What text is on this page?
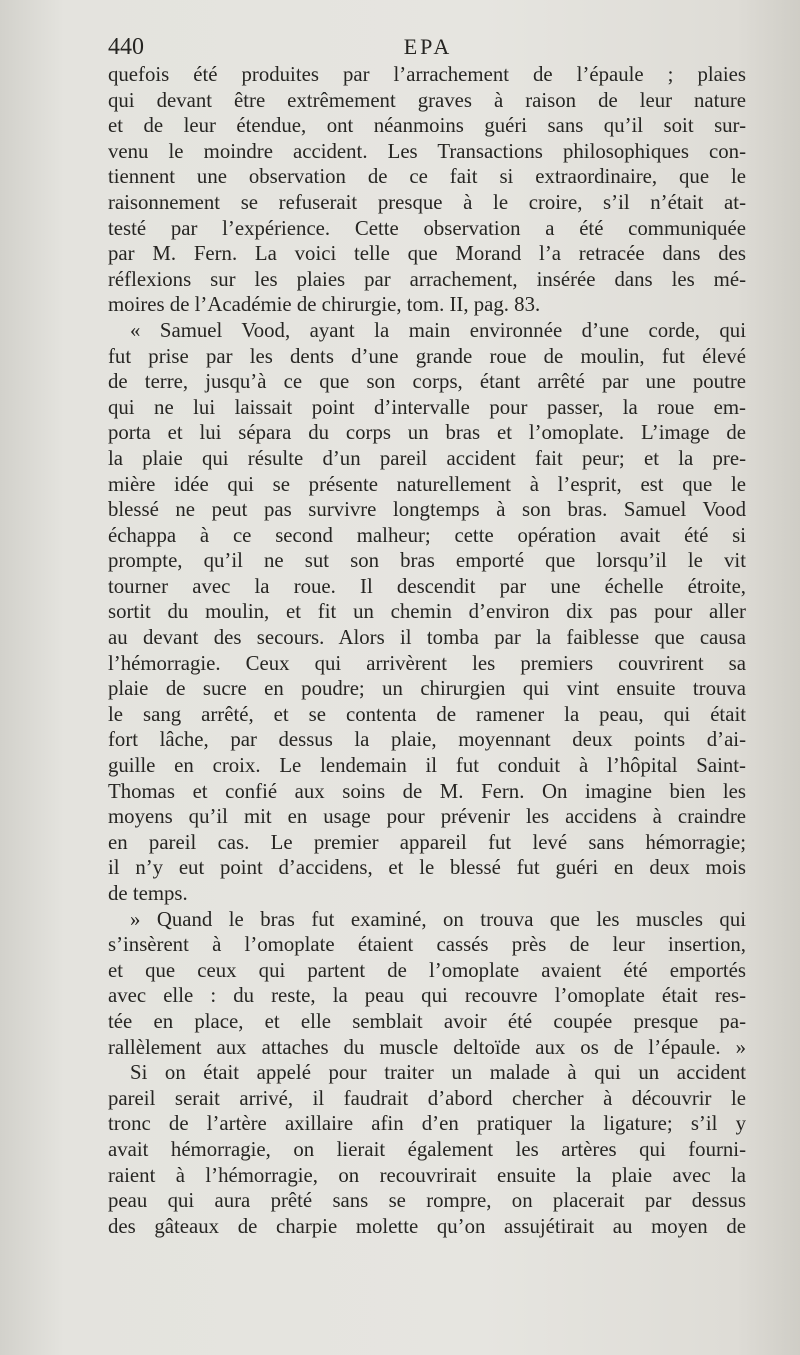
440	EPA
quefois été produites par l’arrachement de l’épaule ; plaies
qui devant être extrêmement graves à raison de leur nature
et de leur étendue, ont néanmoins guéri sans qu’il soit sur-
venu le moindre accident. Les Transactions philosophiques con-
tiennent une observation de ce fait si extraordinaire, que le
raisonnement se refuserait presque à le croire, s’il n’était at-
testé par l’expérience. Cette observation a été communiquée
par M. Fern. La voici telle que Morand l’a retracée dans des
réflexions sur les plaies par arrachement, insérée dans les mé-
moires de l’Académie de chirurgie, tom. II, pag. 83.
« Samuel Vood, ayant la main environnée d’une corde, qui
fut prise par les dents d’une grande roue de moulin, fut élevé
de terre, jusqu’à ce que son corps, étant arrêté par une poutre
qui ne lui laissait point d’intervalle pour passer, la roue em-
porta et lui sépara du corps un bras et l’omoplate. L’image de
la plaie qui résulte d’un pareil accident fait peur; et la pre-
mière idée qui se présente naturellement à l’esprit, est que le
blessé ne peut pas survivre longtemps à son bras. Samuel Vood
échappa à ce second malheur; cette opération avait été si
prompte, qu’il ne sut son bras emporté que lorsqu’il le vit
tourner avec la roue. Il descendit par une échelle étroite,
sortit du moulin, et fit un chemin d’environ dix pas pour aller
au devant des secours. Alors il tomba par la faiblesse que causa
l’hémorragie. Ceux qui arrivèrent les premiers couvrirent sa
plaie de sucre en poudre; un chirurgien qui vint ensuite trouva
le sang arrêté, et se contenta de ramener la peau, qui était
fort lâche, par dessus la plaie, moyennant deux points d’ai-
guille en croix. Le lendemain il fut conduit à l’hôpital Saint-
Thomas et confié aux soins de M. Fern. On imagine bien les
moyens qu’il mit en usage pour prévenir les accidens à craindre
en pareil cas. Le premier appareil fut levé sans hémorragie;
il n’y eut point d’accidens, et le blessé fut guéri en deux mois
de temps.
» Quand le bras fut examiné, on trouva que les muscles qui
s’insèrent à l’omoplate étaient cassés près de leur insertion,
et que ceux qui partent de l’omoplate avaient été emportés
avec elle : du reste, la peau qui recouvre l’omoplate était res-
tée en place, et elle semblait avoir été coupée presque pa-
rallèlement aux attaches du muscle deltoïde aux os de l’épaule. »
Si on était appelé pour traiter un malade à qui un accident
pareil serait arrivé, il faudrait d’abord chercher à découvrir le
tronc de l’artère axillaire afin d’en pratiquer la ligature; s’il y
avait hémorragie, on lierait également les artères qui fourni-
raient à l’hémorragie, on recouvrirait ensuite la plaie avec la
peau qui aura prêté sans se rompre, on placerait par dessus
des gâteaux de charpie molette qu’on assujétirait au moyen de
